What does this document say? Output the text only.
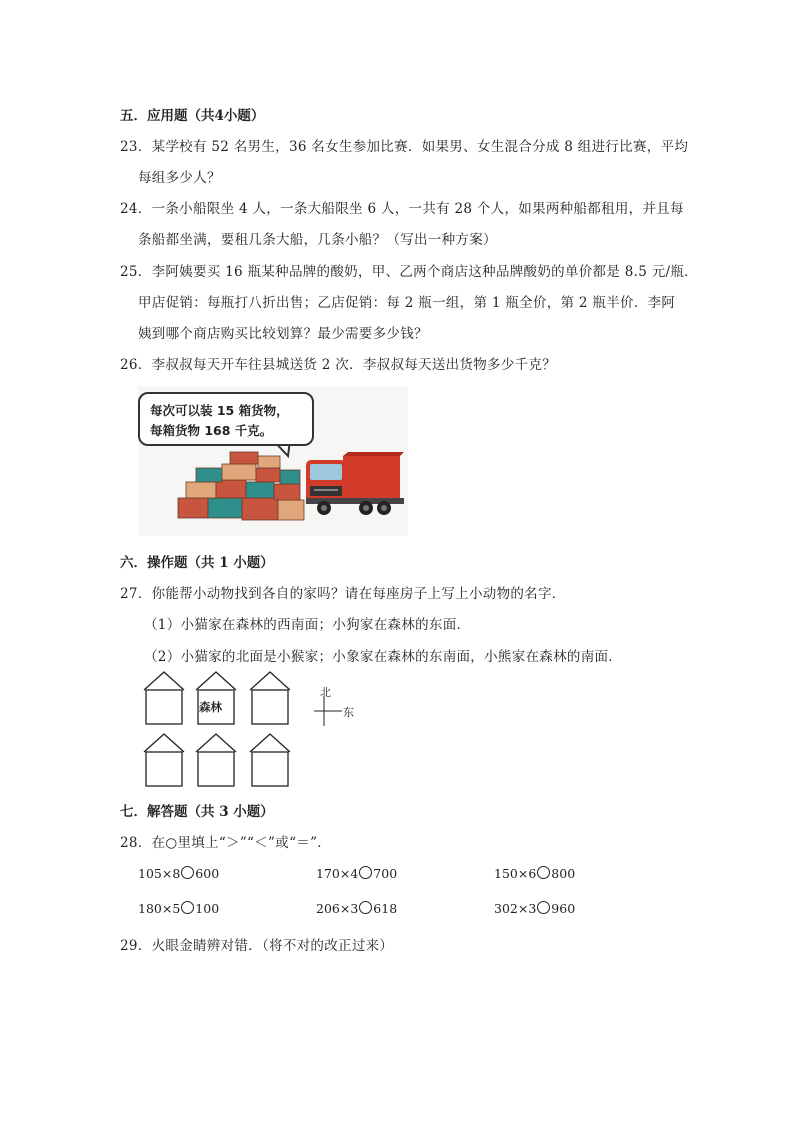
五．应用题（共4小题）
23．某学校有 52 名男生，36 名女生参加比赛．如果男、女生混合分成 8 组进行比赛，平均
每组多少人？
24．一条小船限坐 4 人，一条大船限坐 6 人，一共有 28 个人，如果两种船都租用，并且每
条船都坐满，要租几条大船，几条小船？（写出一种方案）
25．李阿姨要买 16 瓶某种品牌的酸奶，甲、乙两个商店这种品牌酸奶的单价都是 8.5 元/瓶．
甲店促销：每瓶打八折出售；乙店促销：每 2 瓶一组，第 1 瓶全价，第 2 瓶半价．李阿
姨到哪个商店购买比较划算？最少需要多少钱？
26．李叔叔每天开车往县城送货 2 次．李叔叔每天送出货物多少千克？
每次可以装 15 箱货物，
每箱货物 168 千克。
六．操作题（共 1 小题）
27．你能帮小动物找到各自的家吗？请在每座房子上写上小动物的名字．
（1）小猫家在森林的西南面；小狗家在森林的东面．
（2）小猫家的北面是小猴家；小象家在森林的东南面，小熊家在森林的南面．
森林
北
东
七．解答题（共 3 小题）
28．在○里填上“＞”“＜”或“＝”．
105×8 600	170×4 700	150×6 800
180×5 100	206×3 618	302×3 960
29．火眼金睛辨对错．（将不对的改正过来）
